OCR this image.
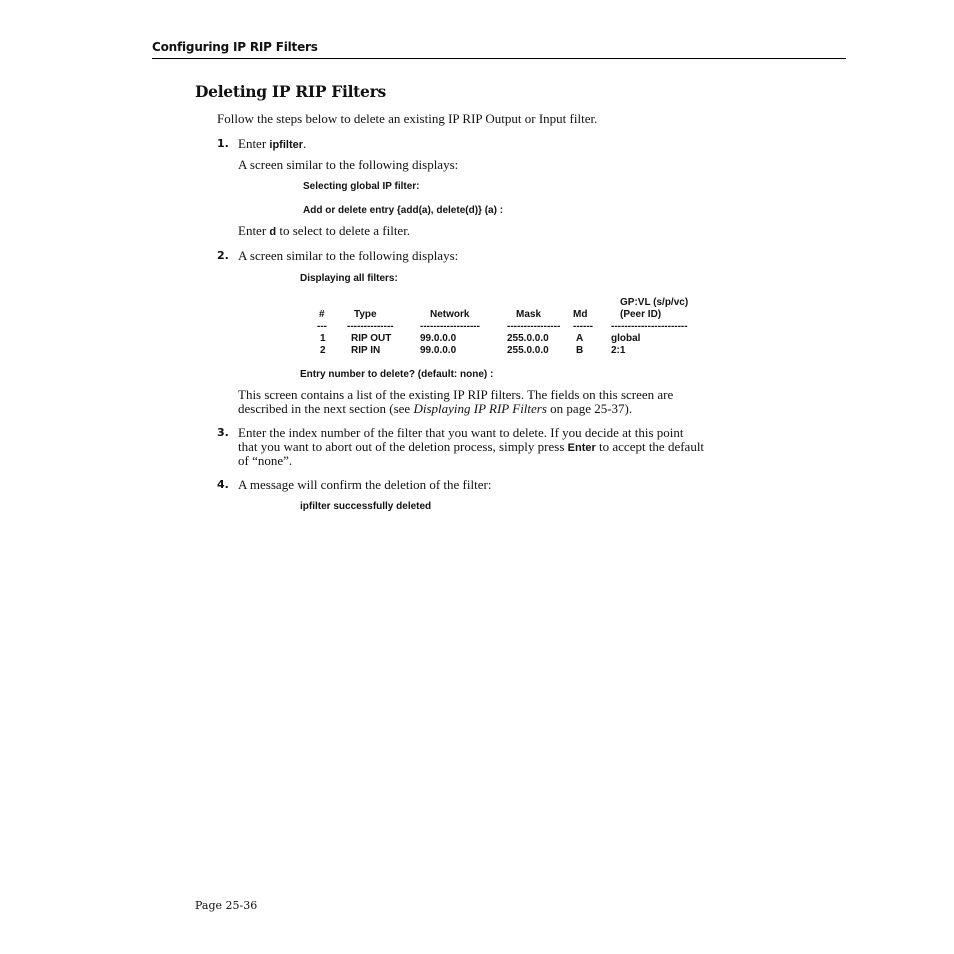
Configuring IP RIP Filters
Deleting IP RIP Filters
Follow the steps below to delete an existing IP RIP Output or Input filter.
1. Enter ipfilter.
A screen similar to the following displays:
Selecting global IP filter:
Add or delete entry {add(a), delete(d)} (a) :
Enter d to select to delete a filter.
2. A screen similar to the following displays:
Displaying all filters:
GP:VL (s/p/vc)
#	Type	Network	Mask	Md	(Peer ID)
--- --------------	------------------	---------------- ------ -----------------------
1	RIP OUT	99.0.0.0	255.0.0.0	A	global
2	RIP IN	99.0.0.0	255.0.0.0	B	2:1
Entry number to delete? (default: none) :
This screen contains a list of the existing IP RIP filters. The fields on this screen are
described in the next section (see Displaying IP RIP Filters on page 25-37).
3. Enter the index number of the filter that you want to delete. If you decide at this point
that you want to abort out of the deletion process, simply press Enter to accept the default
of “none”.
4. A message will confirm the deletion of the filter:
ipfilter successfully deleted
Page 25-36
